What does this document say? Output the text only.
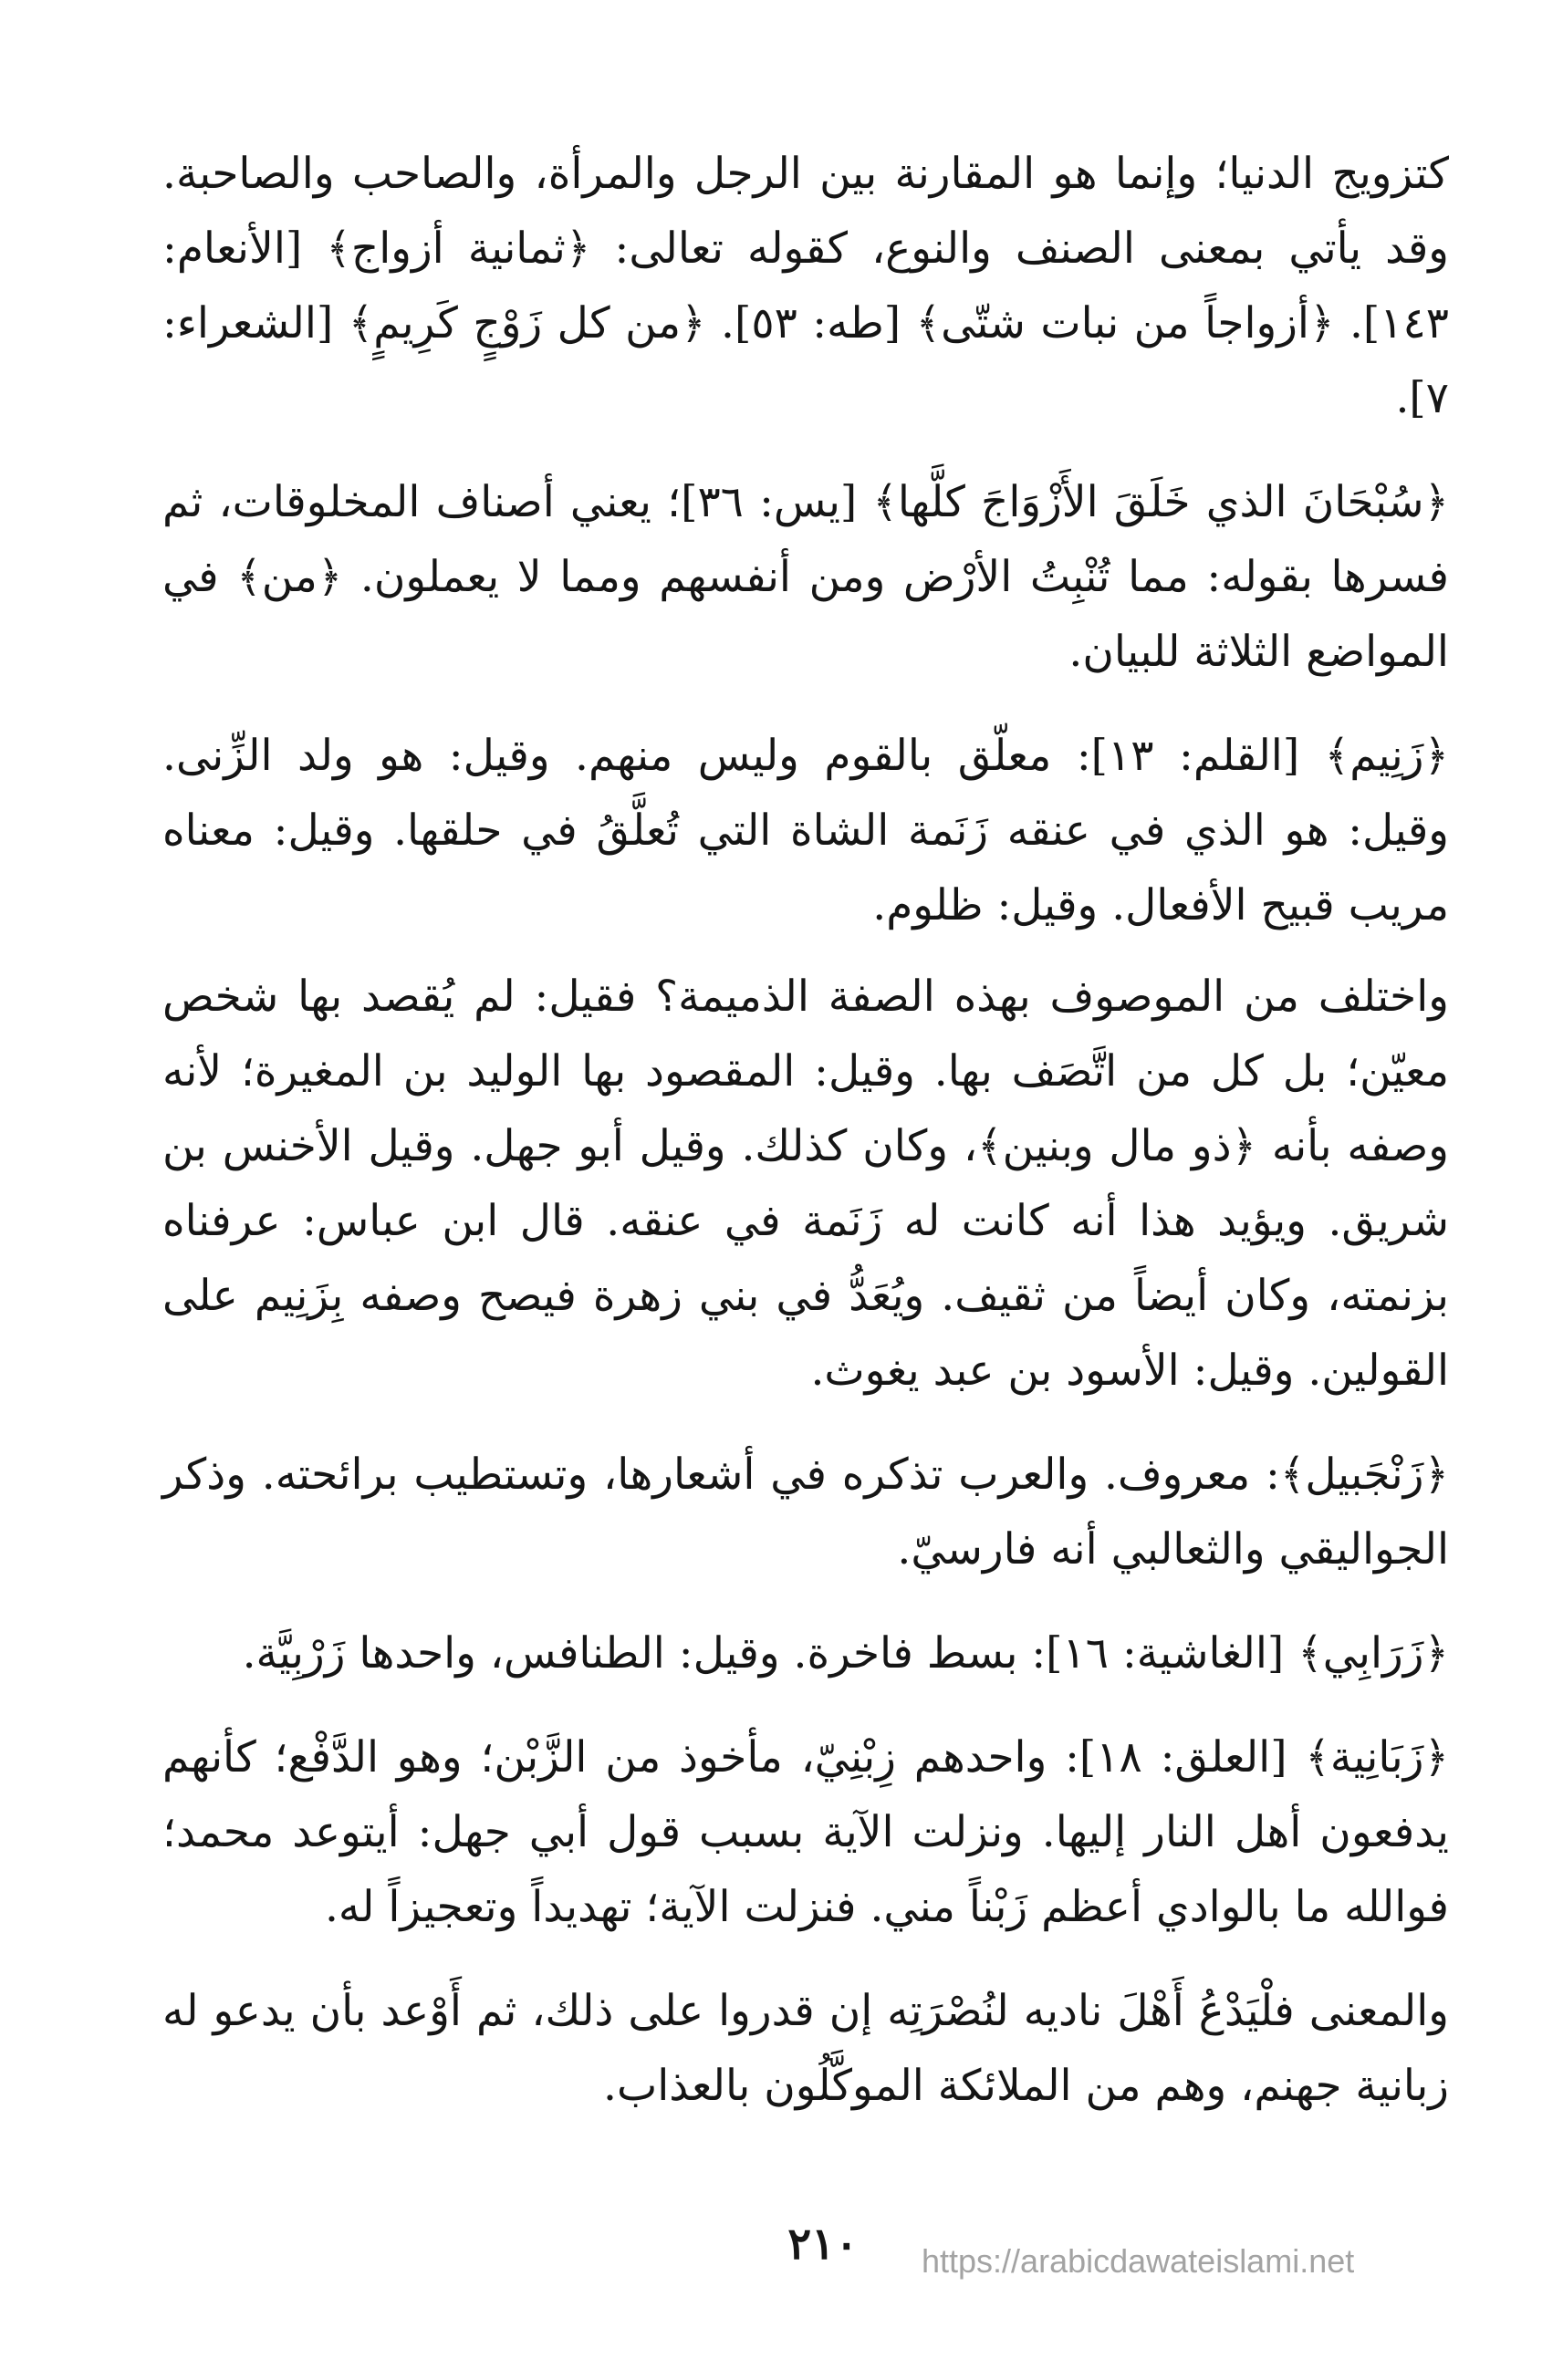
كتزويج الدنيا؛ وإنما هو المقارنة بين الرجل والمرأة، والصاحب والصاحبة. وقد يأتي بمعنى الصنف والنوع، كقوله تعالى: ﴿ثمانية أزواج﴾ [الأنعام: ١٤٣]. ﴿أزواجاً من نبات شتّى﴾ [طه: ٥٣]. ﴿من كل زَوْجٍ كَرِيمٍ﴾ [الشعراء: ٧].

﴿سُبْحَانَ الذي خَلَقَ الأَزْوَاجَ كلَّها﴾ [يس: ٣٦]؛ يعني أصناف المخلوقات، ثم فسرها بقوله: مما تُنْبِتُ الأرْض ومن أنفسهم ومما لا يعملون. ﴿من﴾ في المواضع الثلاثة للبيان.

﴿زَنِيم﴾ [القلم: ١٣]: معلّق بالقوم وليس منهم. وقيل: هو ولد الزِّنى. وقيل: هو الذي في عنقه زَنَمة الشاة التي تُعلَّقُ في حلقها. وقيل: معناه مريب قبيح الأفعال. وقيل: ظلوم.

واختلف من الموصوف بهذه الصفة الذميمة؟ فقيل: لم يُقصد بها شخص معيّن؛ بل كل من اتَّصَف بها. وقيل: المقصود بها الوليد بن المغيرة؛ لأنه وصفه بأنه ﴿ذو مال وبنين﴾، وكان كذلك. وقيل أبو جهل. وقيل الأخنس بن شريق. ويؤيد هذا أنه كانت له زَنَمة في عنقه. قال ابن عباس: عرفناه بزنمته، وكان أيضاً من ثقيف. ويُعَدُّ في بني زهرة فيصح وصفه بِزَنِيم على القولين. وقيل: الأسود بن عبد يغوث.

﴿زَنْجَبيل﴾: معروف. والعرب تذكره في أشعارها، وتستطيب برائحته. وذكر الجواليقي والثعالبي أنه فارسيّ.

﴿زَرَابِي﴾ [الغاشية: ١٦]: بسط فاخرة. وقيل: الطنافس، واحدها زَرْبِيَّة.

﴿زَبَانِية﴾ [العلق: ١٨]: واحدهم زِبْنِيّ، مأخوذ من الزَّبْن؛ وهو الدَّفْع؛ كأنهم يدفعون أهل النار إليها. ونزلت الآية بسبب قول أبي جهل: أيتوعد محمد؛ فوالله ما بالوادي أعظم زَبْناً مني. فنزلت الآية؛ تهديداً وتعجيزاً له.

والمعنى فلْيَدْعُ أَهْلَ ناديه لنُصْرَتِه إن قدروا على ذلك، ثم أَوْعد بأن يدعو له زبانية جهنم، وهم من الملائكة الموكَّلُون بالعذاب.

٢١٠	https://arabicdawateislami.net
